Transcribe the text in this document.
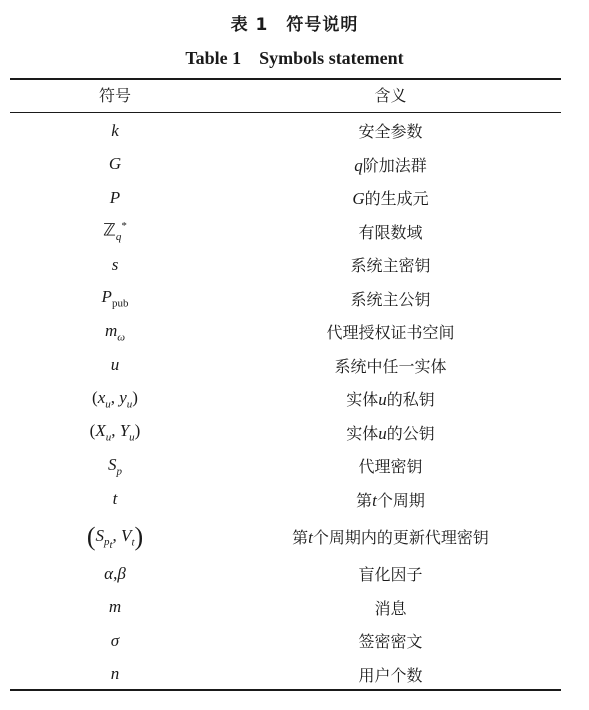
表 1　符号说明
Table 1　Symbols statement
符号	含义
k	安全参数
G	q阶加法群
P	G的生成元
ℤ$_q$*	有限数域
s	系统主密钥
$P_{pub}$	系统主公钥
$m_\omega$	代理授权证书空间
u	系统中任一实体
($x_u$, $y_u$)	实体u的私钥
($X_u$, $Y_u$)	实体u的公钥
$S_p$	代理密钥
t	第t个周期
($S_{p_t}$, $V_t$)	第t个周期内的更新代理密钥
α,β	盲化因子
m	消息
σ	签密密文
n	用户个数
